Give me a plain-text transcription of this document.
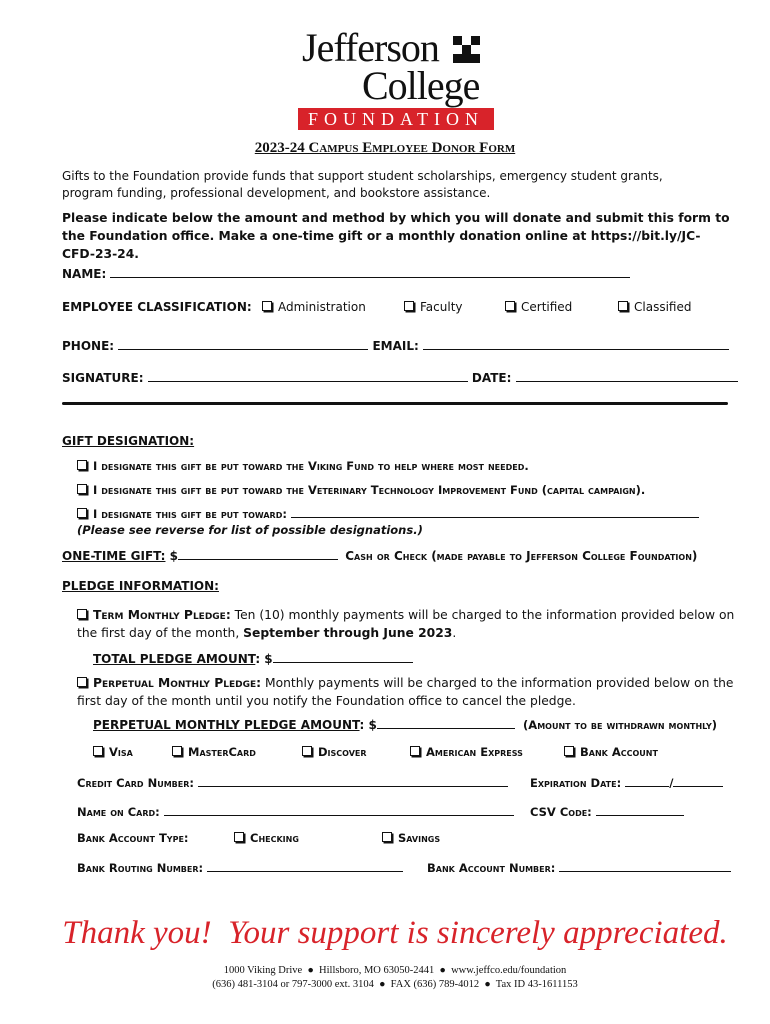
Jefferson
College
FOUNDATION
2023-24 Campus Employee Donor Form
Gifts to the Foundation provide funds that support student scholarships, emergency student grants, program funding, professional development, and bookstore assistance.
Please indicate below the amount and method by which you will donate and submit this form to the Foundation office. Make a one-time gift or a monthly donation online at https://bit.ly/JC-CFD-23-24.
NAME:
EMPLOYEE CLASSIFICATION:	Administration	Faculty	Certified	Classified
PHONE:	EMAIL:
SIGNATURE:	DATE:
GIFT DESIGNATION:
I designate this gift be put toward the Viking Fund to help where most needed.
I designate this gift be put toward the Veterinary Technology Improvement Fund (capital campaign).
I designate this gift be put toward:
(Please see reverse for list of possible designations.)
ONE-TIME GIFT: $	Cash or Check (made payable to Jefferson College Foundation)
PLEDGE INFORMATION:
Term Monthly Pledge: Ten (10) monthly payments will be charged to the information provided below on the first day of the month, September through June 2023.
TOTAL PLEDGE AMOUNT: $
Perpetual Monthly Pledge: Monthly payments will be charged to the information provided below on the first day of the month until you notify the Foundation office to cancel the pledge.
PERPETUAL MONTHLY PLEDGE AMOUNT: $	(Amount to be withdrawn monthly)
Visa	MasterCard	Discover	American Express	Bank Account
Credit Card Number:	Expiration Date:	/
Name on Card:	CSV Code:
Bank Account Type:	Checking	Savings
Bank Routing Number:	Bank Account Number:
Thank you!  Your support is sincerely appreciated.
1000 Viking Drive  ●  Hillsboro, MO 63050-2441  ●  www.jeffco.edu/foundation
(636) 481-3104 or 797-3000 ext. 3104  ●  FAX (636) 789-4012  ●  Tax ID 43-1611153
